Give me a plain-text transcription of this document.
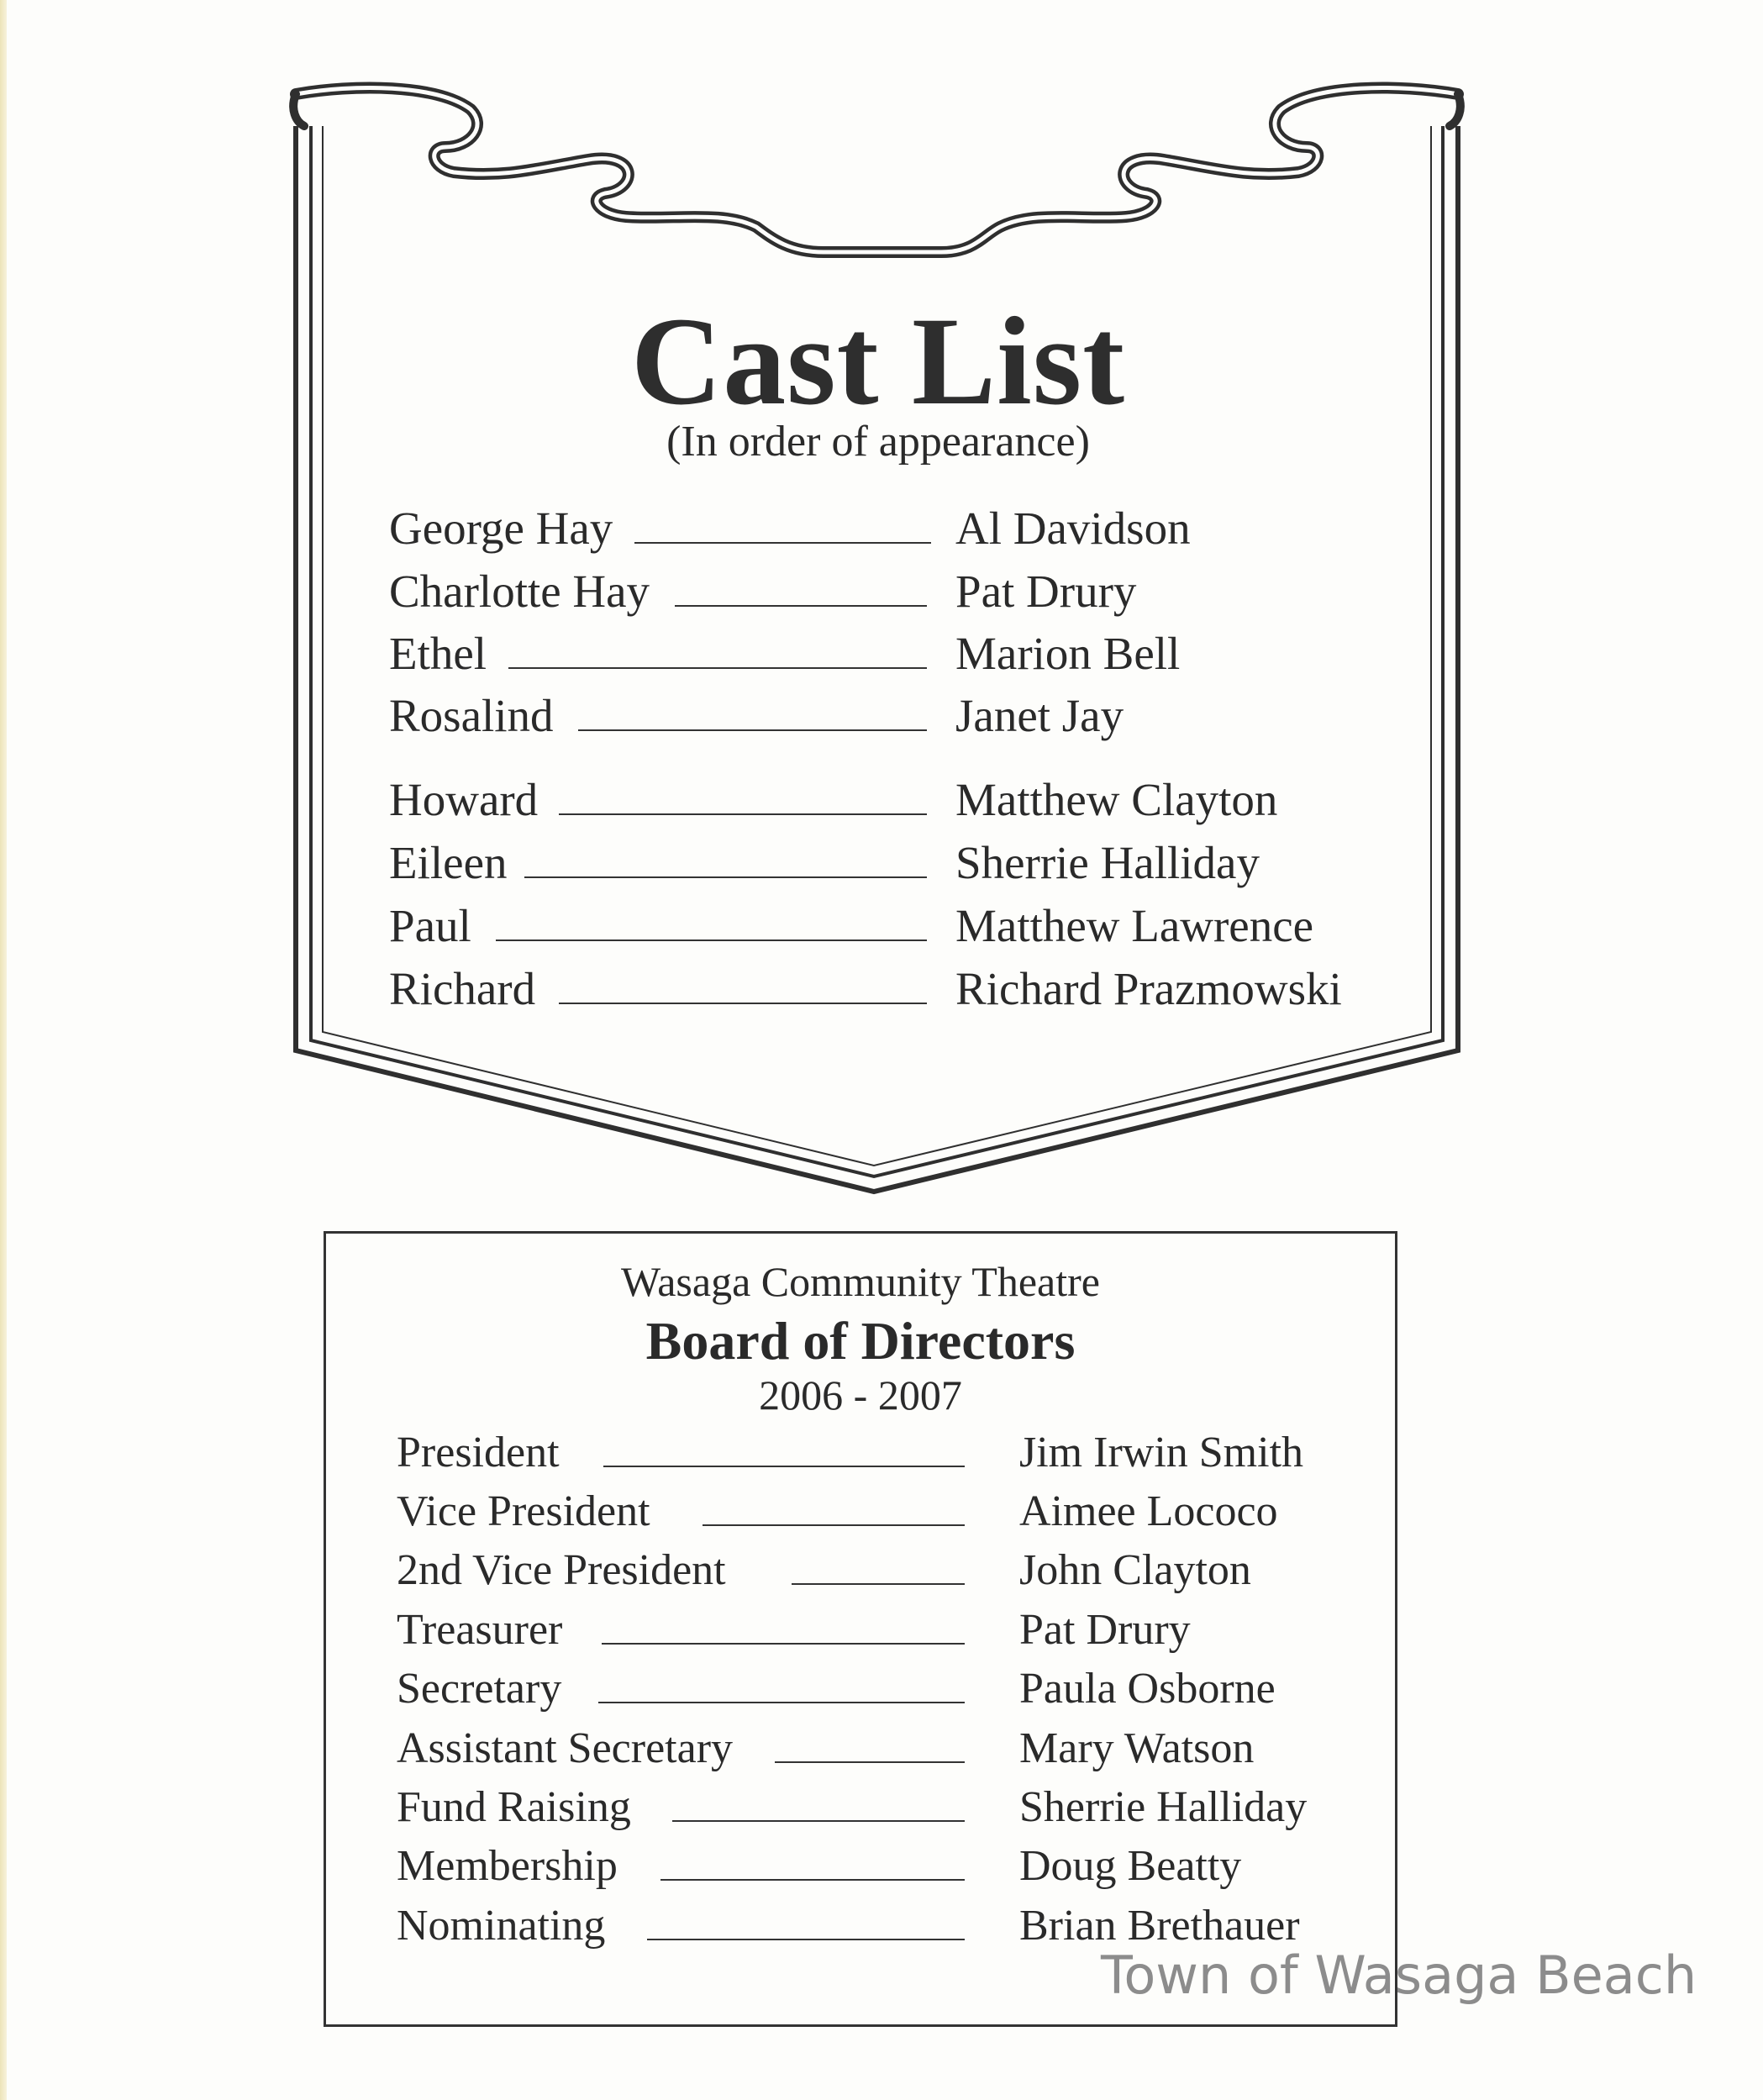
Cast List
(In order of appearance)
George Hay	Al Davidson
Charlotte Hay	Pat Drury
Ethel	Marion Bell
Rosalind	Janet Jay
Howard	Matthew Clayton
Eileen	Sherrie Halliday
Paul	Matthew Lawrence
Richard	Richard Prazmowski
Wasaga Community Theatre
Board of Directors
2006 - 2007
President	Jim Irwin Smith
Vice President	Aimee Lococo
2nd Vice President	John Clayton
Treasurer	Pat Drury
Secretary	Paula Osborne
Assistant Secretary	Mary Watson
Fund Raising	Sherrie Halliday
Membership	Doug Beatty
Nominating	Brian Brethauer
Town of Wasaga Beach
